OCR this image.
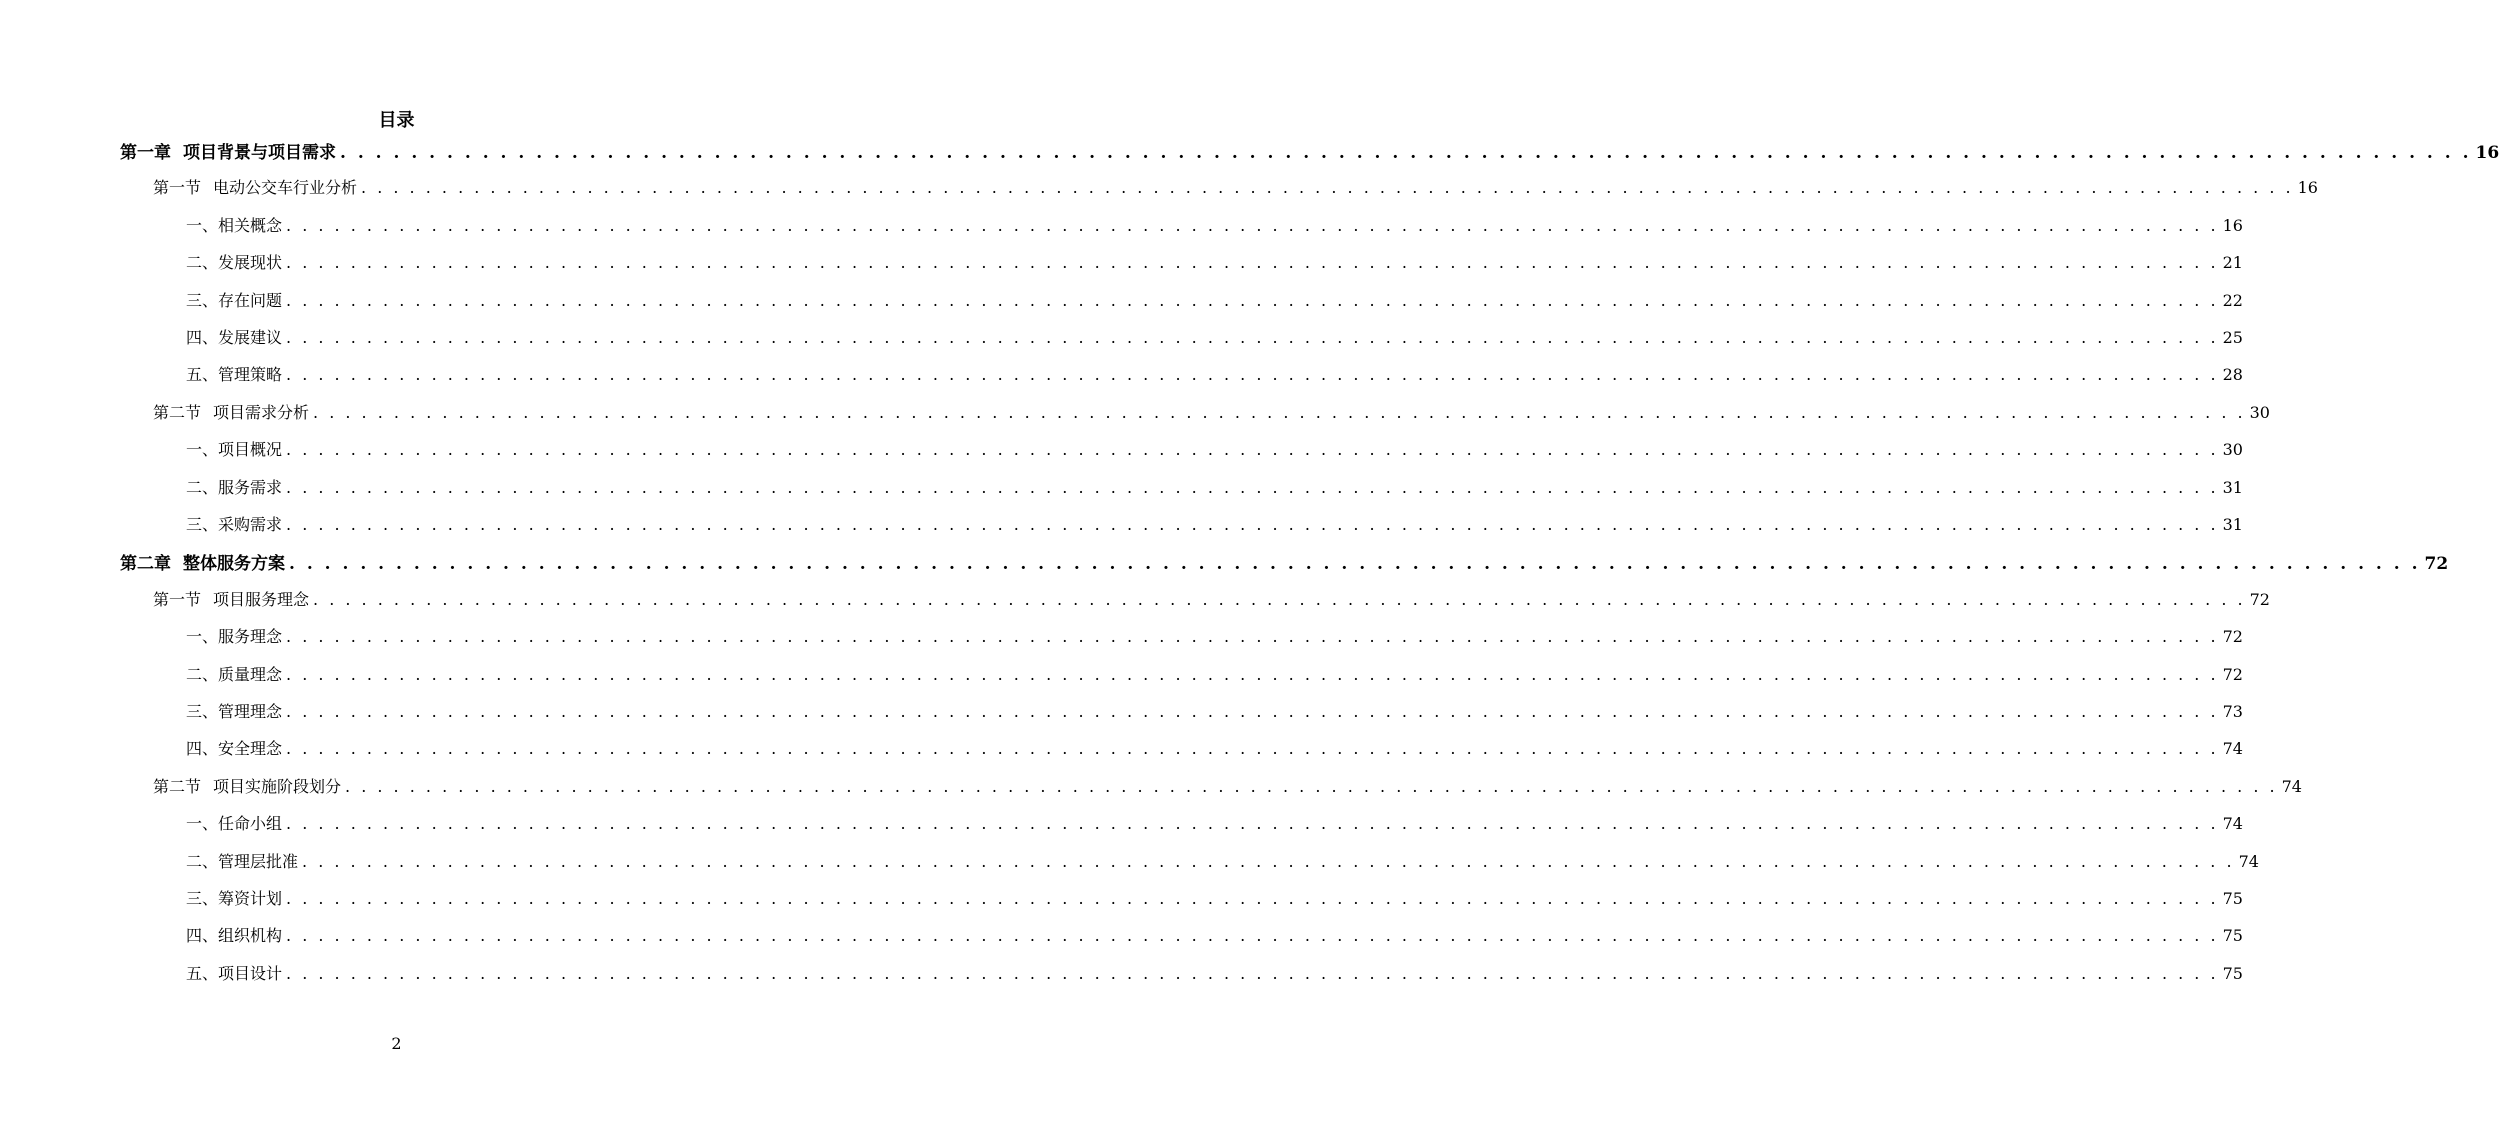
目录
第一章 项目背景与项目需求 . . . . . . . . . . . . . . . . . . . . . . . . . . . . . . . . . . . . . . . . . . . . . . . . . . . . . . . . . . . . . . . . . . . . . . . . . . . . . . . . . . . . . . . . . . . . . . . . . . . . . . . . . . . . . . . . . . . . . . . . 16
第一节 电动公交车行业分析 . . . . . . . . . . . . . . . . . . . . . . . . . . . . . . . . . . . . . . . . . . . . . . . . . . . . . . . . . . . . . . . . . . . . . . . . . . . . . . . . . . . . . . . . . . . . . . . . . . . . . . . . . . . . . . . . . . . . . . . . 16
一、相关概念 . . . . . . . . . . . . . . . . . . . . . . . . . . . . . . . . . . . . . . . . . . . . . . . . . . . . . . . . . . . . . . . . . . . . . . . . . . . . . . . . . . . . . . . . . . . . . . . . . . . . . . . . . . . . . . . . . . . . . . . . 16
二、发展现状 . . . . . . . . . . . . . . . . . . . . . . . . . . . . . . . . . . . . . . . . . . . . . . . . . . . . . . . . . . . . . . . . . . . . . . . . . . . . . . . . . . . . . . . . . . . . . . . . . . . . . . . . . . . . . . . . . . . . . . . . 21
三、存在问题 . . . . . . . . . . . . . . . . . . . . . . . . . . . . . . . . . . . . . . . . . . . . . . . . . . . . . . . . . . . . . . . . . . . . . . . . . . . . . . . . . . . . . . . . . . . . . . . . . . . . . . . . . . . . . . . . . . . . . . . . 22
四、发展建议 . . . . . . . . . . . . . . . . . . . . . . . . . . . . . . . . . . . . . . . . . . . . . . . . . . . . . . . . . . . . . . . . . . . . . . . . . . . . . . . . . . . . . . . . . . . . . . . . . . . . . . . . . . . . . . . . . . . . . . . . 25
五、管理策略 . . . . . . . . . . . . . . . . . . . . . . . . . . . . . . . . . . . . . . . . . . . . . . . . . . . . . . . . . . . . . . . . . . . . . . . . . . . . . . . . . . . . . . . . . . . . . . . . . . . . . . . . . . . . . . . . . . . . . . . . 28
第二节 项目需求分析 . . . . . . . . . . . . . . . . . . . . . . . . . . . . . . . . . . . . . . . . . . . . . . . . . . . . . . . . . . . . . . . . . . . . . . . . . . . . . . . . . . . . . . . . . . . . . . . . . . . . . . . . . . . . . . . . . . . . . . . . 30
一、项目概况 . . . . . . . . . . . . . . . . . . . . . . . . . . . . . . . . . . . . . . . . . . . . . . . . . . . . . . . . . . . . . . . . . . . . . . . . . . . . . . . . . . . . . . . . . . . . . . . . . . . . . . . . . . . . . . . . . . . . . . . . 30
二、服务需求 . . . . . . . . . . . . . . . . . . . . . . . . . . . . . . . . . . . . . . . . . . . . . . . . . . . . . . . . . . . . . . . . . . . . . . . . . . . . . . . . . . . . . . . . . . . . . . . . . . . . . . . . . . . . . . . . . . . . . . . . 31
三、采购需求 . . . . . . . . . . . . . . . . . . . . . . . . . . . . . . . . . . . . . . . . . . . . . . . . . . . . . . . . . . . . . . . . . . . . . . . . . . . . . . . . . . . . . . . . . . . . . . . . . . . . . . . . . . . . . . . . . . . . . . . . 31
第二章 整体服务方案 . . . . . . . . . . . . . . . . . . . . . . . . . . . . . . . . . . . . . . . . . . . . . . . . . . . . . . . . . . . . . . . . . . . . . . . . . . . . . . . . . . . . . . . . . . . . . . . . . . . . . . . . . . . . . . . . . . . . . . . . 72
第一节 项目服务理念 . . . . . . . . . . . . . . . . . . . . . . . . . . . . . . . . . . . . . . . . . . . . . . . . . . . . . . . . . . . . . . . . . . . . . . . . . . . . . . . . . . . . . . . . . . . . . . . . . . . . . . . . . . . . . . . . . . . . . . . . 72
一、服务理念 . . . . . . . . . . . . . . . . . . . . . . . . . . . . . . . . . . . . . . . . . . . . . . . . . . . . . . . . . . . . . . . . . . . . . . . . . . . . . . . . . . . . . . . . . . . . . . . . . . . . . . . . . . . . . . . . . . . . . . . . 72
二、质量理念 . . . . . . . . . . . . . . . . . . . . . . . . . . . . . . . . . . . . . . . . . . . . . . . . . . . . . . . . . . . . . . . . . . . . . . . . . . . . . . . . . . . . . . . . . . . . . . . . . . . . . . . . . . . . . . . . . . . . . . . . 72
三、管理理念 . . . . . . . . . . . . . . . . . . . . . . . . . . . . . . . . . . . . . . . . . . . . . . . . . . . . . . . . . . . . . . . . . . . . . . . . . . . . . . . . . . . . . . . . . . . . . . . . . . . . . . . . . . . . . . . . . . . . . . . . 73
四、安全理念 . . . . . . . . . . . . . . . . . . . . . . . . . . . . . . . . . . . . . . . . . . . . . . . . . . . . . . . . . . . . . . . . . . . . . . . . . . . . . . . . . . . . . . . . . . . . . . . . . . . . . . . . . . . . . . . . . . . . . . . . 74
第二节 项目实施阶段划分 . . . . . . . . . . . . . . . . . . . . . . . . . . . . . . . . . . . . . . . . . . . . . . . . . . . . . . . . . . . . . . . . . . . . . . . . . . . . . . . . . . . . . . . . . . . . . . . . . . . . . . . . . . . . . . . . . . . . . . . . 74
一、任命小组 . . . . . . . . . . . . . . . . . . . . . . . . . . . . . . . . . . . . . . . . . . . . . . . . . . . . . . . . . . . . . . . . . . . . . . . . . . . . . . . . . . . . . . . . . . . . . . . . . . . . . . . . . . . . . . . . . . . . . . . . 74
二、管理层批准 . . . . . . . . . . . . . . . . . . . . . . . . . . . . . . . . . . . . . . . . . . . . . . . . . . . . . . . . . . . . . . . . . . . . . . . . . . . . . . . . . . . . . . . . . . . . . . . . . . . . . . . . . . . . . . . . . . . . . . . . 74
三、筹资计划 . . . . . . . . . . . . . . . . . . . . . . . . . . . . . . . . . . . . . . . . . . . . . . . . . . . . . . . . . . . . . . . . . . . . . . . . . . . . . . . . . . . . . . . . . . . . . . . . . . . . . . . . . . . . . . . . . . . . . . . . 75
四、组织机构 . . . . . . . . . . . . . . . . . . . . . . . . . . . . . . . . . . . . . . . . . . . . . . . . . . . . . . . . . . . . . . . . . . . . . . . . . . . . . . . . . . . . . . . . . . . . . . . . . . . . . . . . . . . . . . . . . . . . . . . . 75
五、项目设计 . . . . . . . . . . . . . . . . . . . . . . . . . . . . . . . . . . . . . . . . . . . . . . . . . . . . . . . . . . . . . . . . . . . . . . . . . . . . . . . . . . . . . . . . . . . . . . . . . . . . . . . . . . . . . . . . . . . . . . . . 75
2
